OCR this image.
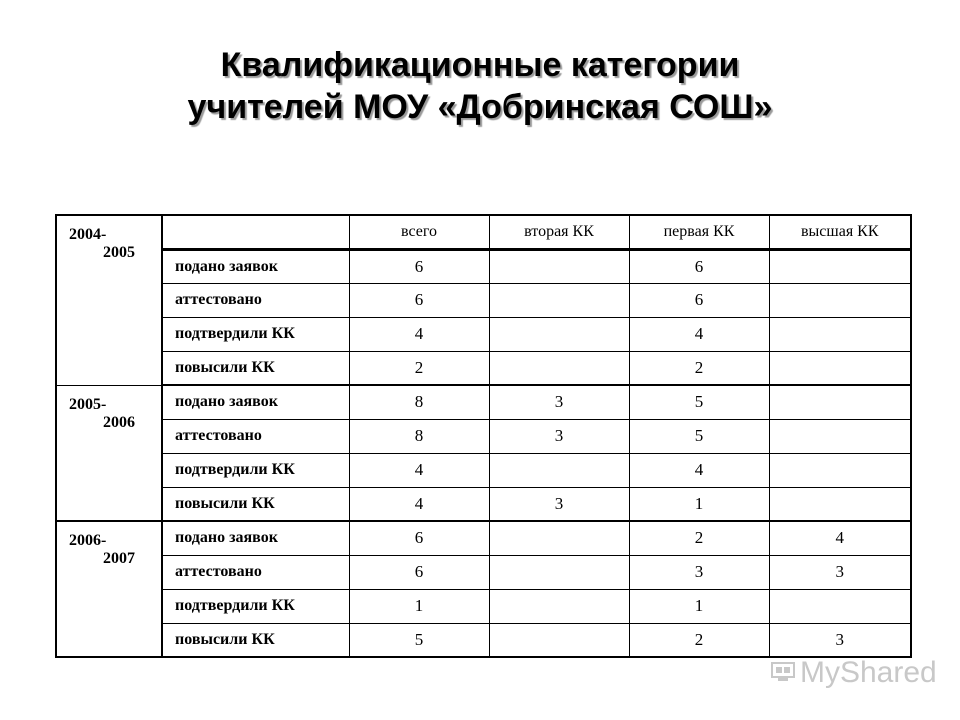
Квалификационные категории
учителей МОУ «Добринская СОШ»
2004-
2005		всего	вторая КК	первая КК	высшая КК
	подано заявок	6		6	
	аттестовано	6		6	
	подтвердили КК	4		4	
	повысили КК	2		2	

2005-
2006	подано заявок	8	3	5	
	аттестовано	8	3	5	
	подтвердили КК	4		4	
	повысили КК	4	3	1	

2006-
2007	подано заявок	6		2	4
	аттестовано	6		3	3
	подтвердили КК	1		1	
	повысили КК	5		2	3
MyShared
